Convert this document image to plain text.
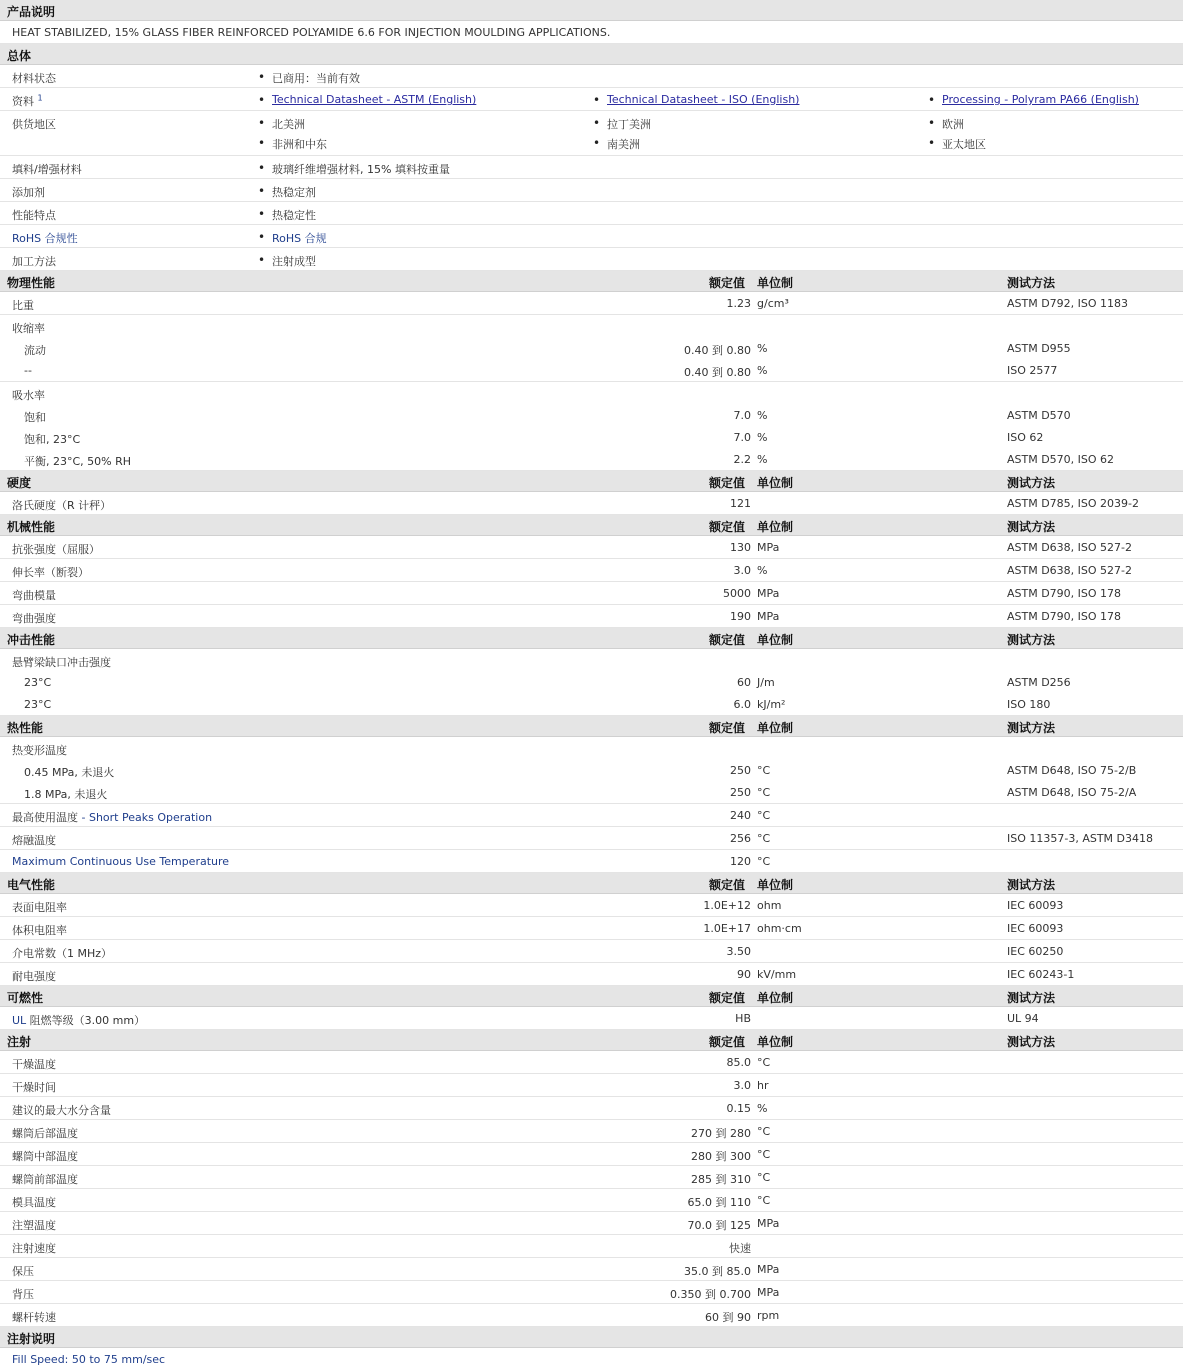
产品说明
HEAT STABILIZED, 15% GLASS FIBER REINFORCED POLYAMIDE 6.6 FOR INJECTION MOULDING APPLICATIONS.
总体
材料状态	• 已商用：当前有效
资料 $^1$	• Technical Datasheet - ASTM (English)	• Technical Datasheet - ISO (English)	• Processing - Polyram PA66 (English)
供货地区	• 北美洲	• 拉丁美洲	• 欧洲
• 非洲和中东	• 南美洲	• 亚太地区
填料/增强材料	• 玻璃纤维增强材料, 15% 填料按重量
添加剂	• 热稳定剂
性能特点	• 热稳定性
RoHS 合规性	• RoHS 合规
加工方法	• 注射成型
物理性能	额定值 单位制	测试方法
比重	1.23 g/cm³	ASTM D792, ISO 1183
收缩率
流动	0.40 到 0.80 %	ASTM D955
--	0.40 到 0.80 %	ISO 2577
吸水率
饱和	7.0 %	ASTM D570
饱和, 23°C	7.0 %	ISO 62
平衡, 23°C, 50% RH	2.2 %	ASTM D570, ISO 62
硬度	额定值 单位制	测试方法
洛氏硬度（R 计秤）	121	ASTM D785, ISO 2039-2
机械性能	额定值 单位制	测试方法
抗张强度（屈服）	130 MPa	ASTM D638, ISO 527-2
伸长率（断裂）	3.0 %	ASTM D638, ISO 527-2
弯曲模量	5000 MPa	ASTM D790, ISO 178
弯曲强度	190 MPa	ASTM D790, ISO 178
冲击性能	额定值 单位制	测试方法
悬臂梁缺口冲击强度
23°C	60 J/m	ASTM D256
23°C	6.0 kJ/m²	ISO 180
热性能	额定值 单位制	测试方法
热变形温度
0.45 MPa, 未退火	250 °C	ASTM D648, ISO 75-2/B
1.8 MPa, 未退火	250 °C	ASTM D648, ISO 75-2/A
最高使用温度 - Short Peaks Operation	240 °C
熔融温度	256 °C	ISO 11357-3, ASTM D3418
Maximum Continuous Use Temperature	120 °C
电气性能	额定值 单位制	测试方法
表面电阻率	1.0E+12 ohm	IEC 60093
体积电阻率	1.0E+17 ohm·cm	IEC 60093
介电常数（1 MHz）	3.50	IEC 60250
耐电强度	90 kV/mm	IEC 60243-1
可燃性	额定值 单位制	测试方法
UL 阻燃等级（3.00 mm）	HB	UL 94
注射	额定值 单位制	测试方法
干燥温度	85.0 °C
干燥时间	3.0 hr
建议的最大水分含量	0.15 %
螺筒后部温度	270 到 280 °C
螺筒中部温度	280 到 300 °C
螺筒前部温度	285 到 310 °C
模具温度	65.0 到 110 °C
注塑温度	70.0 到 125 MPa
注射速度	快速
保压	35.0 到 85.0 MPa
背压	0.350 到 0.700 MPa
螺杆转速	60 到 90 rpm
注射说明
Fill Speed: 50 to 75 mm/sec
